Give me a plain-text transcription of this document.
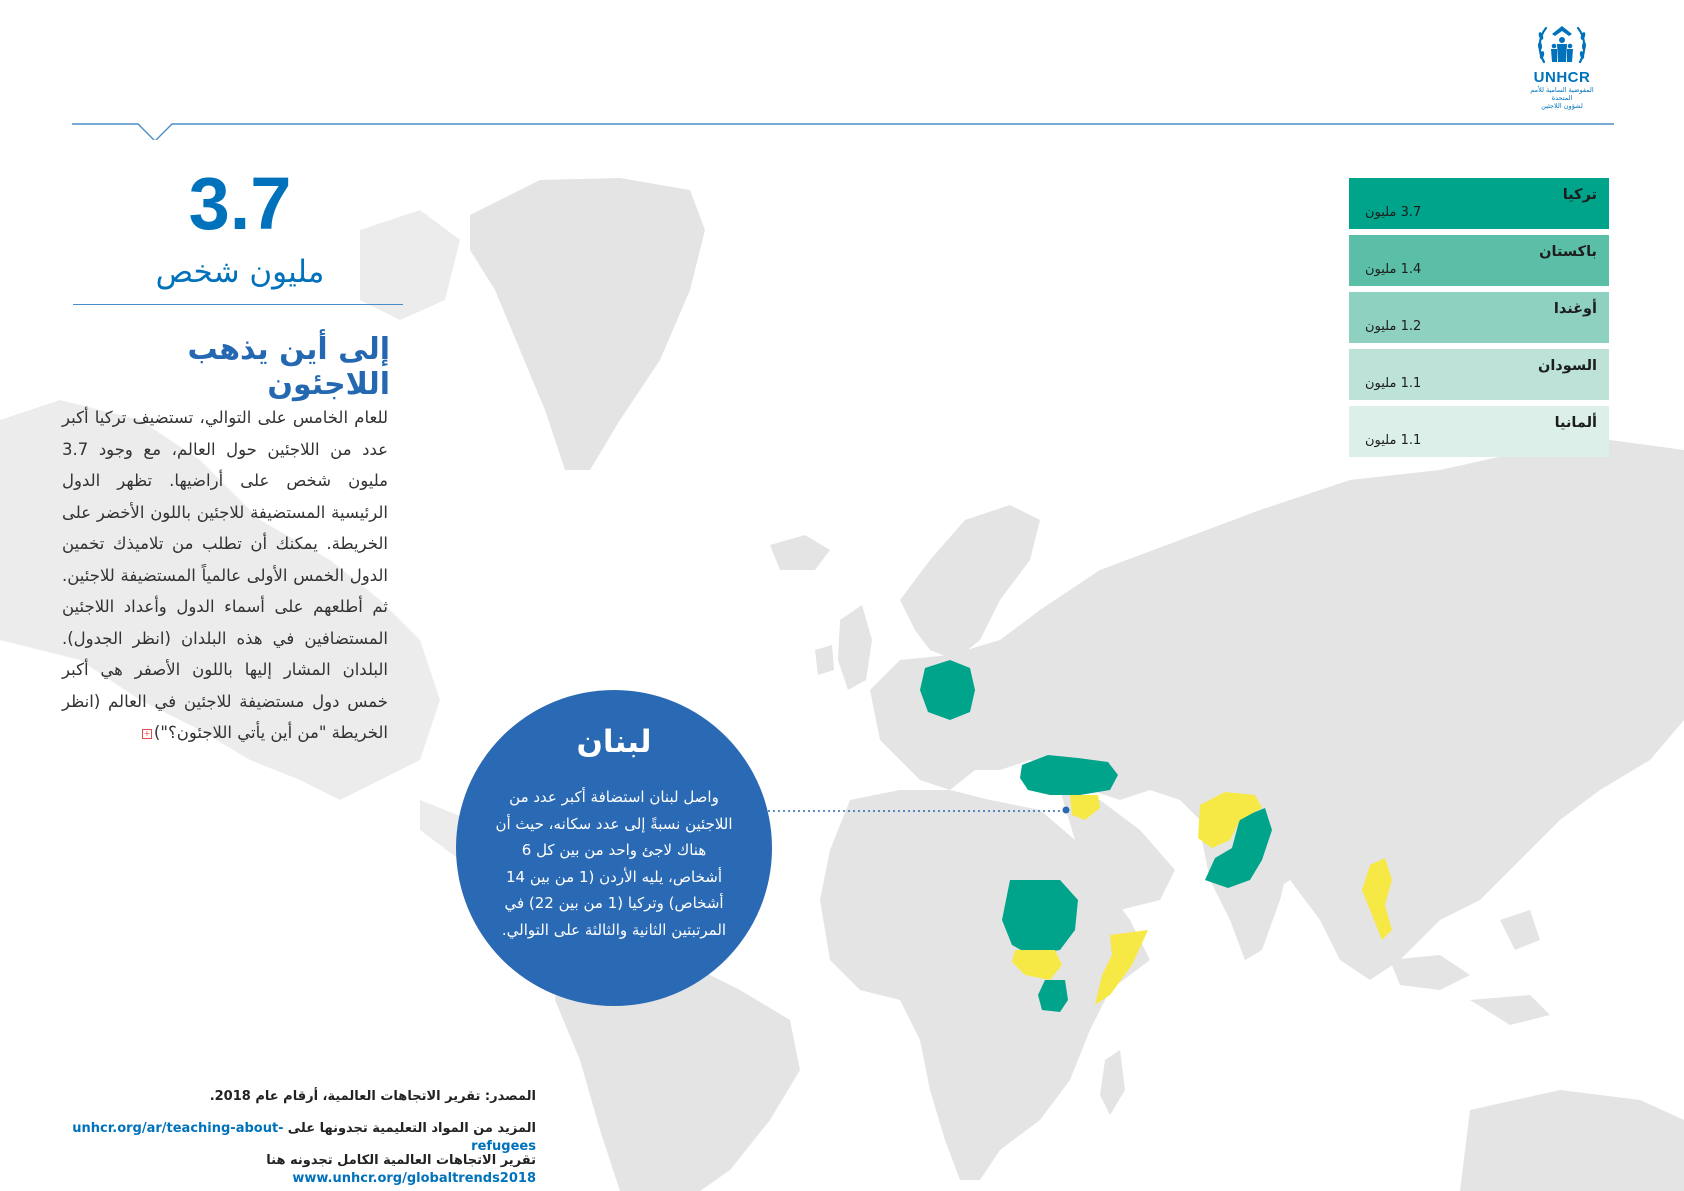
UNHCR
المفوضية السامية للأمم المتحدة
لشؤون اللاجئين
3.7
مليون شخص
إلى أين يذهب اللاجئون
للعام الخامس على التوالي، تستضيف تركيا أكبر عدد من اللاجئين حول العالم، مع وجود 3.7 مليون شخص على أراضيها. تظهر الدول الرئيسية المستضيفة للاجئين باللون الأخضر على الخريطة. يمكنك أن تطلب من تلاميذك تخمين الدول الخمس الأولى عالمياً المستضيفة للاجئين. ثم أطلعهم على أسماء الدول وأعداد اللاجئين المستضافين في هذه البلدان (انظر الجدول). البلدان المشار إليها باللون الأصفر هي أكبر خمس دول مستضيفة للاجئين في العالم (انظر الخريطة "من أين يأتي اللاجئون؟")+
تركيا
3.7 مليون
باكستان
1.4 مليون
أوغندا
1.2 مليون
السودان
1.1 مليون
ألمانيا
1.1 مليون
لبنان
واصل لبنان استضافة أكبر عدد من اللاجئين نسبةً إلى عدد سكانه، حيث أن هناك لاجئ واحد من بين كل 6 أشخاص، يليه الأردن (1 من بين 14 أشخاص) وتركيا (1 من بين 22) في المرتبتين الثانية والثالثة على التوالي.
المصدر: تقرير الاتجاهات العالمية، أرقام عام 2018.
المزيد من المواد التعليمية تجدونها على unhcr.org/ar/teaching-about-refugees
تقرير الاتجاهات العالمية الكامل تجدونه هنا www.unhcr.org/globaltrends2018
